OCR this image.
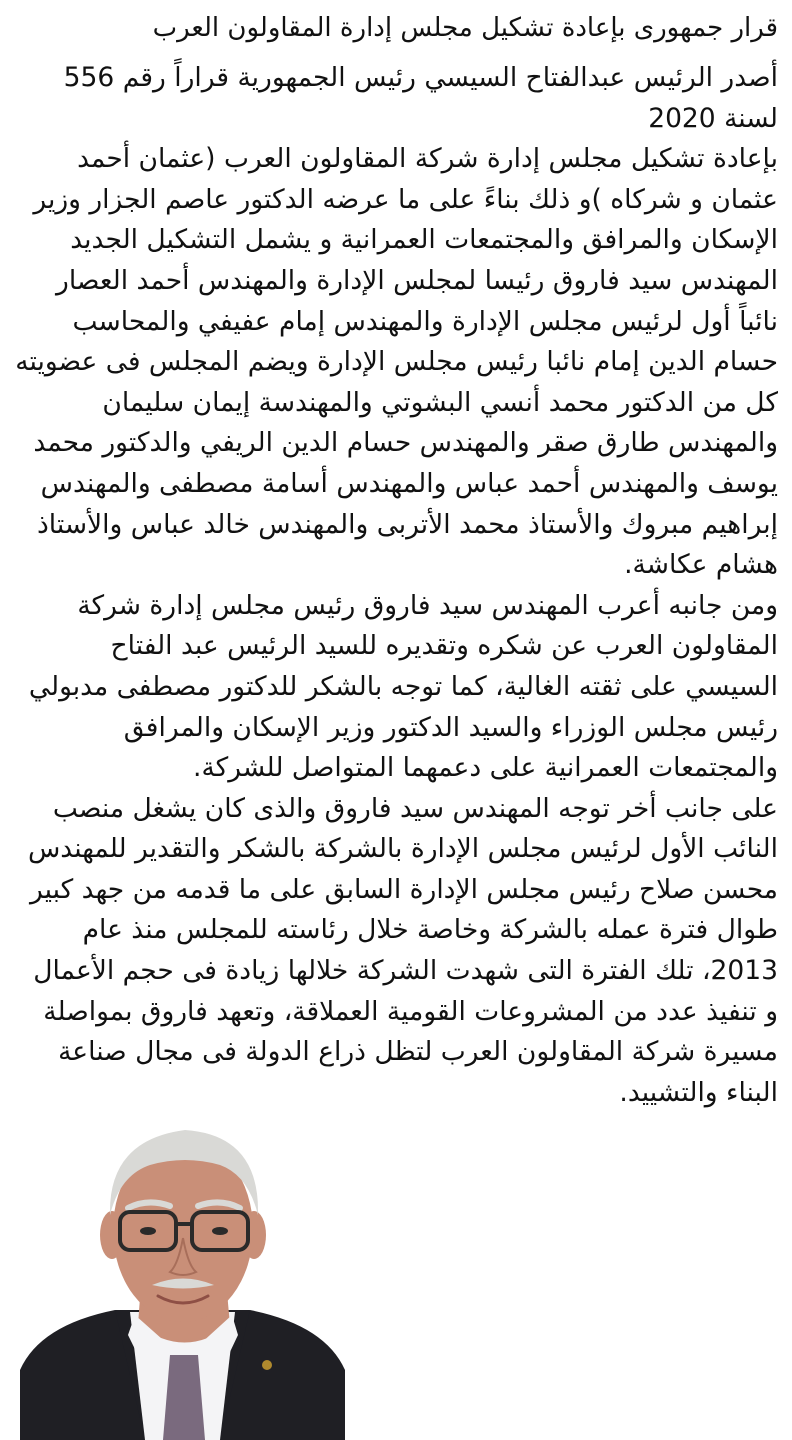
قرار جمهورى بإعادة تشكيل مجلس إدارة المقاولون العرب

أصدر الرئيس عبدالفتاح السيسي رئيس الجمهورية قراراً رقم 556 لسنة 2020

بإعادة تشكيل مجلس إدارة شركة المقاولون العرب (عثمان أحمد عثمان و شركاه )و ذلك بناءً على ما عرضه الدكتور عاصم الجزار وزير الإسكان والمرافق والمجتمعات العمرانية و يشمل التشكيل الجديد المهندس سيد فاروق رئيسا لمجلس الإدارة والمهندس أحمد العصار نائباً أول لرئيس مجلس الإدارة والمهندس إمام عفيفي والمحاسب حسام الدين إمام نائبا رئيس مجلس الإدارة ويضم المجلس فى عضويته كل من الدكتور محمد أنسي البشوتي والمهندسة إيمان سليمان والمهندس طارق صقر والمهندس حسام الدين الريفي والدكتور محمد يوسف والمهندس أحمد عباس والمهندس أسامة مصطفى والمهندس إبراهيم مبروك والأستاذ محمد الأتربى والمهندس خالد عباس والأستاذ هشام عكاشة.

ومن جانبه أعرب المهندس سيد فاروق رئيس مجلس إدارة شركة المقاولون العرب عن شكره وتقديره للسيد الرئيس عبد الفتاح السيسي على ثقته الغالية، كما توجه بالشكر للدكتور مصطفى مدبولي رئيس مجلس الوزراء والسيد الدكتور وزير الإسكان والمرافق والمجتمعات العمرانية على دعمهما المتواصل للشركة.

على جانب أخر توجه المهندس سيد فاروق والذى كان يشغل منصب النائب الأول لرئيس مجلس الإدارة بالشركة بالشكر والتقدير للمهندس محسن صلاح رئيس مجلس الإدارة السابق على ما قدمه من جهد كبير طوال فترة عمله بالشركة وخاصة خلال رئاسته للمجلس منذ عام 2013، تلك الفترة التى شهدت الشركة خلالها زيادة فى حجم الأعمال و تنفيذ عدد من المشروعات القومية العملاقة، وتعهد فاروق بمواصلة مسيرة شركة المقاولون العرب لتظل ذراع الدولة فى مجال صناعة البناء والتشييد.
